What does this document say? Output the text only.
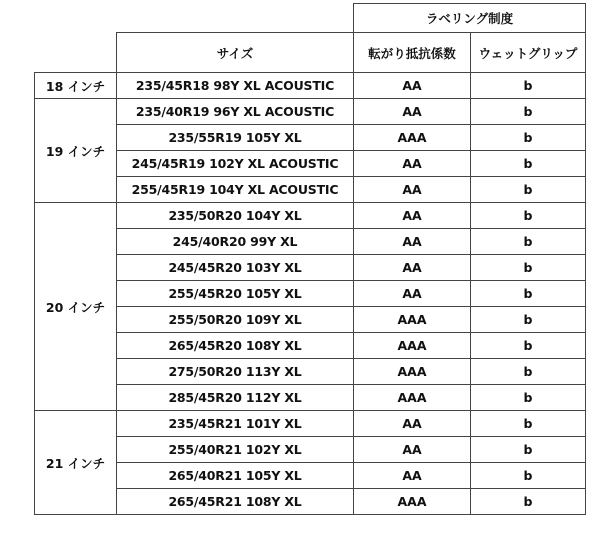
		ラベリング制度	
	サイズ	転がり抵抗係数	ウェットグリップ
18 インチ	235/45R18 98Y XL ACOUSTIC	AA	b
19 インチ	235/40R19 96Y XL ACOUSTIC	AA	b
	235/55R19 105Y XL	AAA	b
	245/45R19 102Y XL ACOUSTIC	AA	b
	255/45R19 104Y XL ACOUSTIC	AA	b
20 インチ	235/50R20 104Y XL	AA	b
	245/40R20 99Y XL	AA	b
	245/45R20 103Y XL	AA	b
	255/45R20 105Y XL	AA	b
	255/50R20 109Y XL	AAA	b
	265/45R20 108Y XL	AAA	b
	275/50R20 113Y XL	AAA	b
	285/45R20 112Y XL	AAA	b
21 インチ	235/45R21 101Y XL	AA	b
	255/40R21 102Y XL	AA	b
	265/40R21 105Y XL	AA	b
	265/45R21 108Y XL	AAA	b
